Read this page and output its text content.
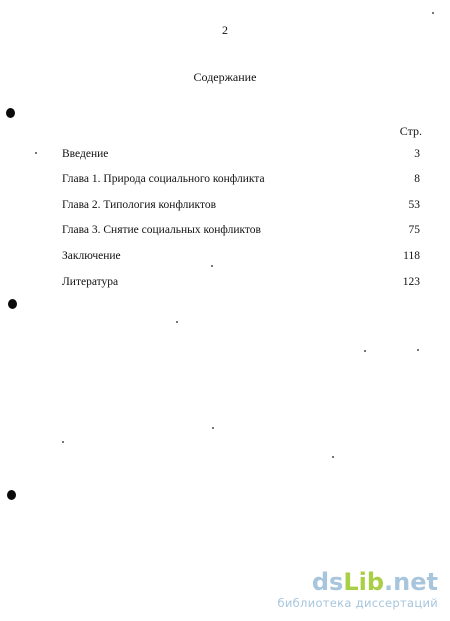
2
Содержание
Стр.
Введение	3
Глава 1. Природа социального конфликта	8
Глава 2. Типология конфликтов	53
Глава 3. Снятие социальных конфликтов	75
Заключение	118
Литература	123
dsLib.net
библиотека диссертаций
